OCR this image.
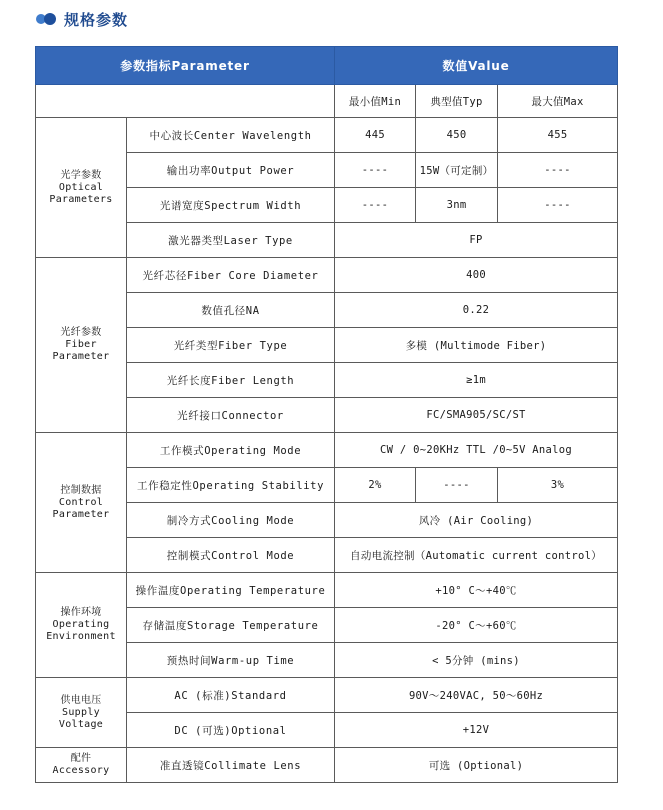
规格参数
参数指标Parameter		数值Value		
		最小值Min	典型值Typ	最大值Max

光学参数
Optical
Parameters	中心波长Center Wavelength	445	450	455
	输出功率Output Power	----	15W（可定制）	----
	光谱宽度Spectrum Width	----	3nm	----
	激光器类型Laser Type	FP		

光纤参数
Fiber
Parameter	光纤芯径Fiber Core Diameter	400		
	数值孔径NA	0.22		
	光纤类型Fiber Type	多模 (Multimode Fiber)		
	光纤长度Fiber Length	≥1m		
	光纤接口Connector	FC/SMA905/SC/ST		

控制数据
Control
Parameter	工作模式Operating Mode	CW / 0~20KHz TTL /0~5V Analog		
	工作稳定性Operating Stability	2%	----	3%
	制冷方式Cooling Mode	风冷 (Air Cooling)		
	控制模式Control Mode	自动电流控制（Automatic current control）		

操作环境
Operating
Environment	操作温度Operating Temperature	+10° C～+40℃		
	存储温度Storage Temperature	-20° C～+60℃		
	预热时间Warm-up Time	< 5分钟 (mins)		

供电电压
Supply
Voltage	AC (标准)Standard	90V～240VAC, 50～60Hz		
	DC (可选)Optional	+12V		

配件
Accessory	准直透镜Collimate Lens	可选 (Optional)		
